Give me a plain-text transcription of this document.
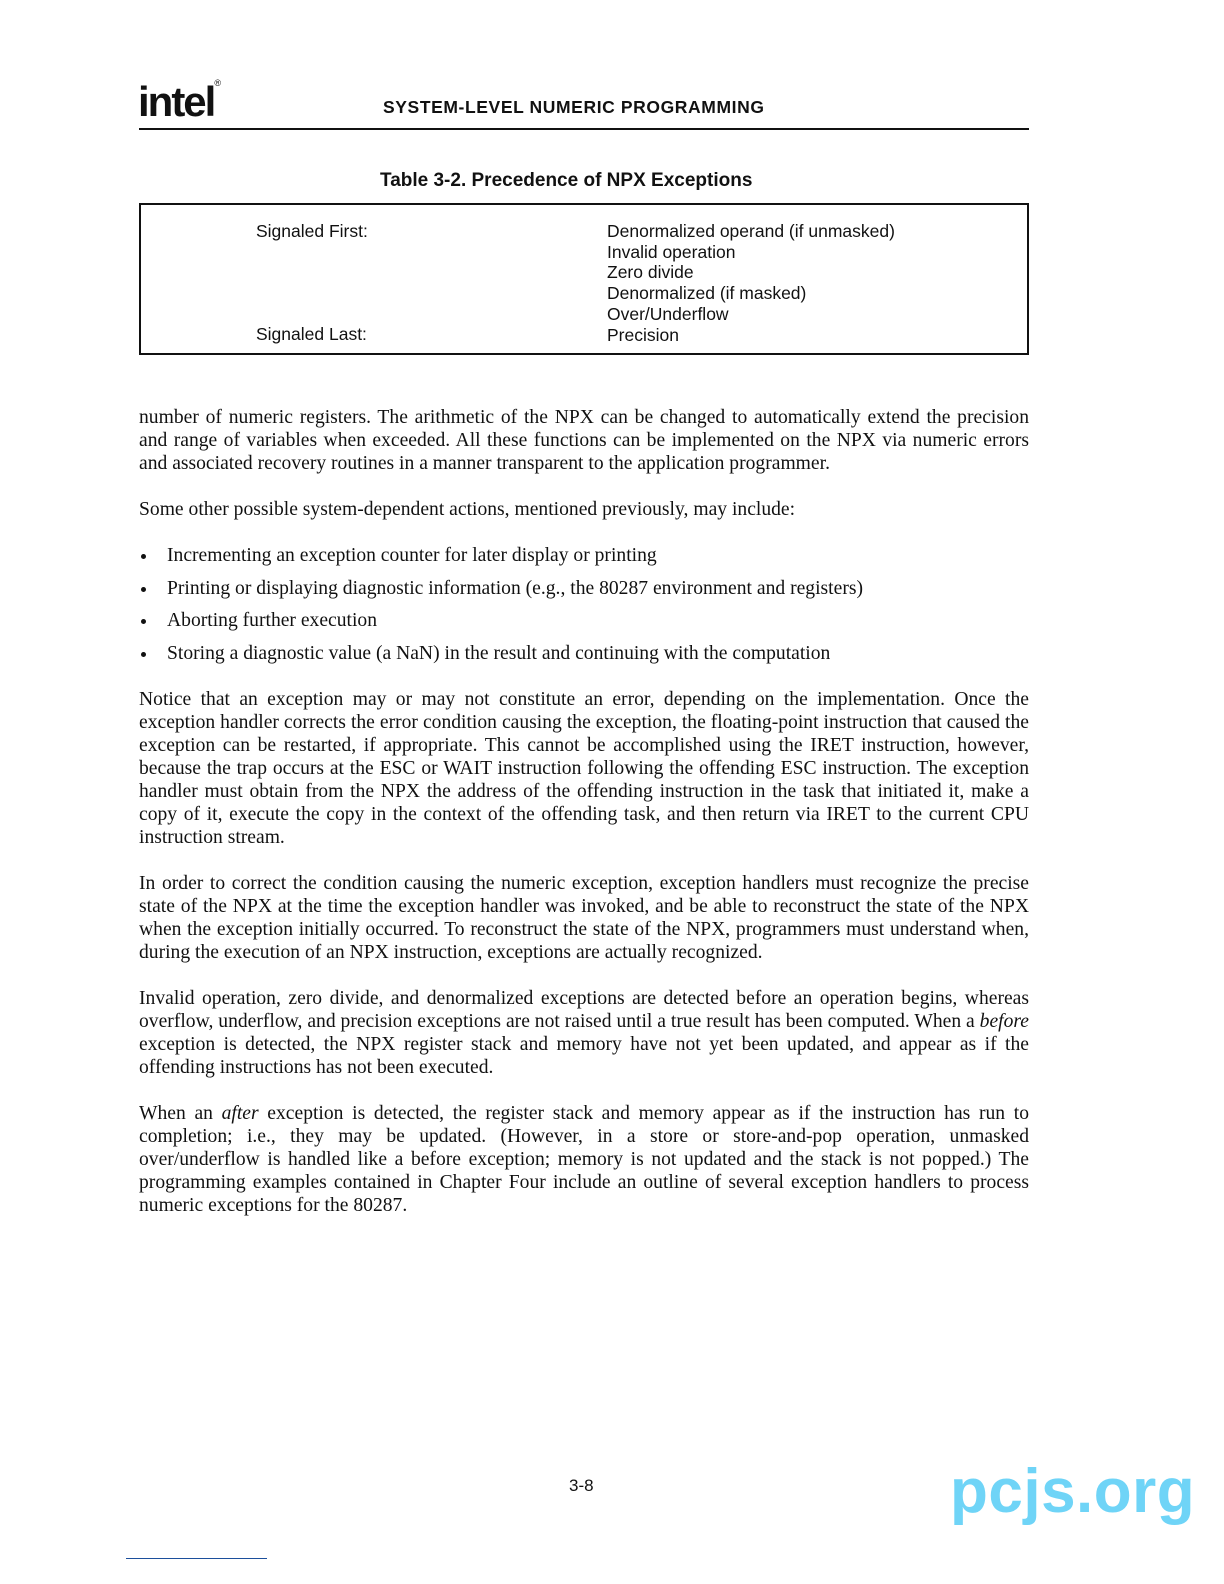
intel®
SYSTEM-LEVEL NUMERIC PROGRAMMING
Table 3-2. Precedence of NPX Exceptions
Signaled First:
Signaled Last:
Denormalized operand (if unmasked)
Invalid operation
Zero divide
Denormalized (if masked)
Over/Underflow
Precision

number of numeric registers. The arithmetic of the NPX can be changed to automatically extend the precision and range of variables when exceeded. All these functions can be implemented on the NPX via numeric errors and associated recovery routines in a manner transparent to the application programmer.

Some other possible system-dependent actions, mentioned previously, may include:

Incrementing an exception counter for later display or printing
Printing or displaying diagnostic information (e.g., the 80287 environment and registers)
Aborting further execution
Storing a diagnostic value (a NaN) in the result and continuing with the computation

Notice that an exception may or may not constitute an error, depending on the implementation. Once the exception handler corrects the error condition causing the exception, the floating-point instruction that caused the exception can be restarted, if appropriate. This cannot be accomplished using the IRET instruction, however, because the trap occurs at the ESC or WAIT instruction following the offending ESC instruction. The exception handler must obtain from the NPX the address of the offending instruction in the task that initiated it, make a copy of it, execute the copy in the context of the offending task, and then return via IRET to the current CPU instruction stream.

In order to correct the condition causing the numeric exception, exception handlers must recognize the precise state of the NPX at the time the exception handler was invoked, and be able to reconstruct the state of the NPX when the exception initially occurred. To reconstruct the state of the NPX, programmers must understand when, during the execution of an NPX instruction, exceptions are actually recognized.

Invalid operation, zero divide, and denormalized exceptions are detected before an operation begins, whereas overflow, underflow, and precision exceptions are not raised until a true result has been computed. When a before exception is detected, the NPX register stack and memory have not yet been updated, and appear as if the offending instructions has not been executed.

When an after exception is detected, the register stack and memory appear as if the instruction has run to completion; i.e., they may be updated. (However, in a store or store-and-pop operation, unmasked over/underflow is handled like a before exception; memory is not updated and the stack is not popped.) The programming examples contained in Chapter Four include an outline of several exception handlers to process numeric exceptions for the 80287.

3-8	pcjs.org
